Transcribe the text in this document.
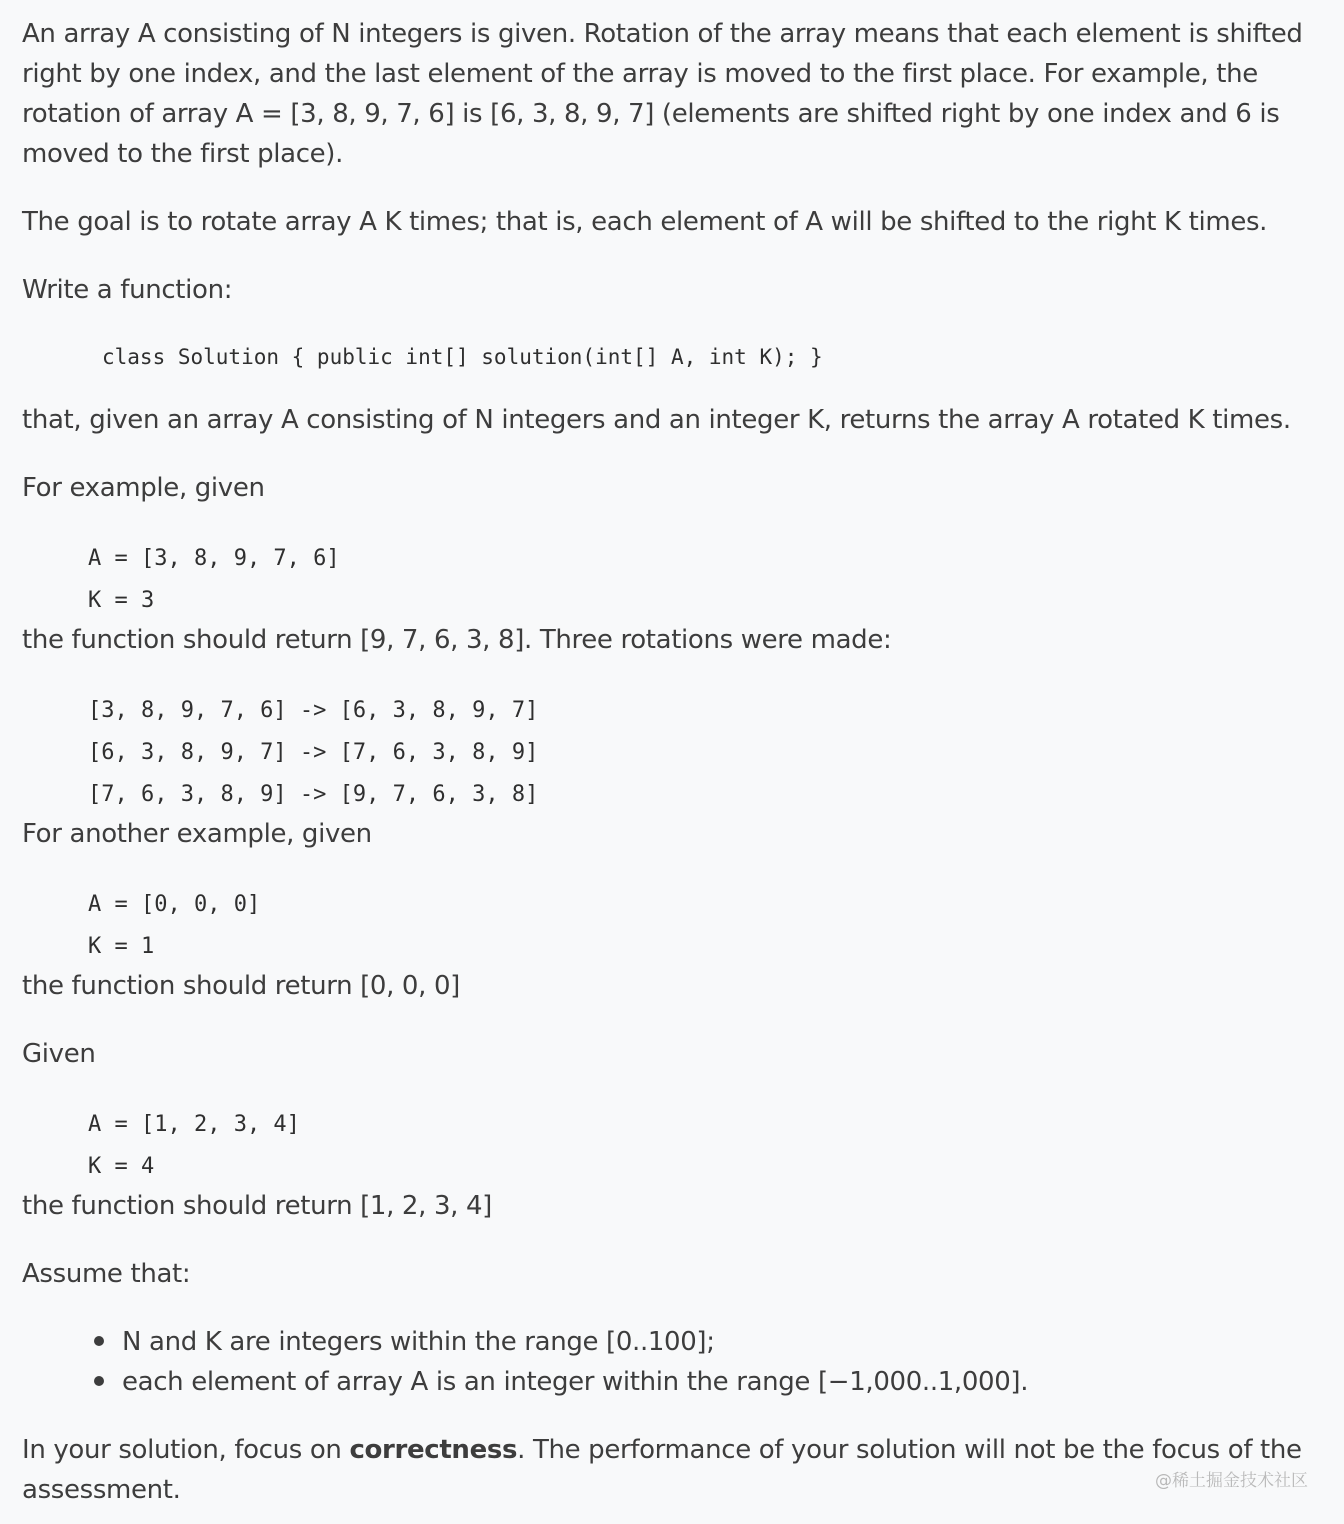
An array A consisting of N integers is given. Rotation of the array means that each element is shifted
right by one index, and the last element of the array is moved to the first place. For example, the
rotation of array A = [3, 8, 9, 7, 6] is [6, 3, 8, 9, 7] (elements are shifted right by one index and 6 is
moved to the first place).
The goal is to rotate array A K times; that is, each element of A will be shifted to the right K times.
Write a function:
class Solution { public int[] solution(int[] A, int K); }
that, given an array A consisting of N integers and an integer K, returns the array A rotated K times.
For example, given
A = [3, 8, 9, 7, 6]
K = 3
the function should return [9, 7, 6, 3, 8]. Three rotations were made:
[3, 8, 9, 7, 6] -> [6, 3, 8, 9, 7]
[6, 3, 8, 9, 7] -> [7, 6, 3, 8, 9]
[7, 6, 3, 8, 9] -> [9, 7, 6, 3, 8]
For another example, given
A = [0, 0, 0]
K = 1
the function should return [0, 0, 0]
Given
A = [1, 2, 3, 4]
K = 4
the function should return [1, 2, 3, 4]
Assume that:
N and K are integers within the range [0..100];
each element of array A is an integer within the range [−1,000..1,000].
In your solution, focus on correctness. The performance of your solution will not be the focus of the
assessment.	@稀土掘金技术社区
